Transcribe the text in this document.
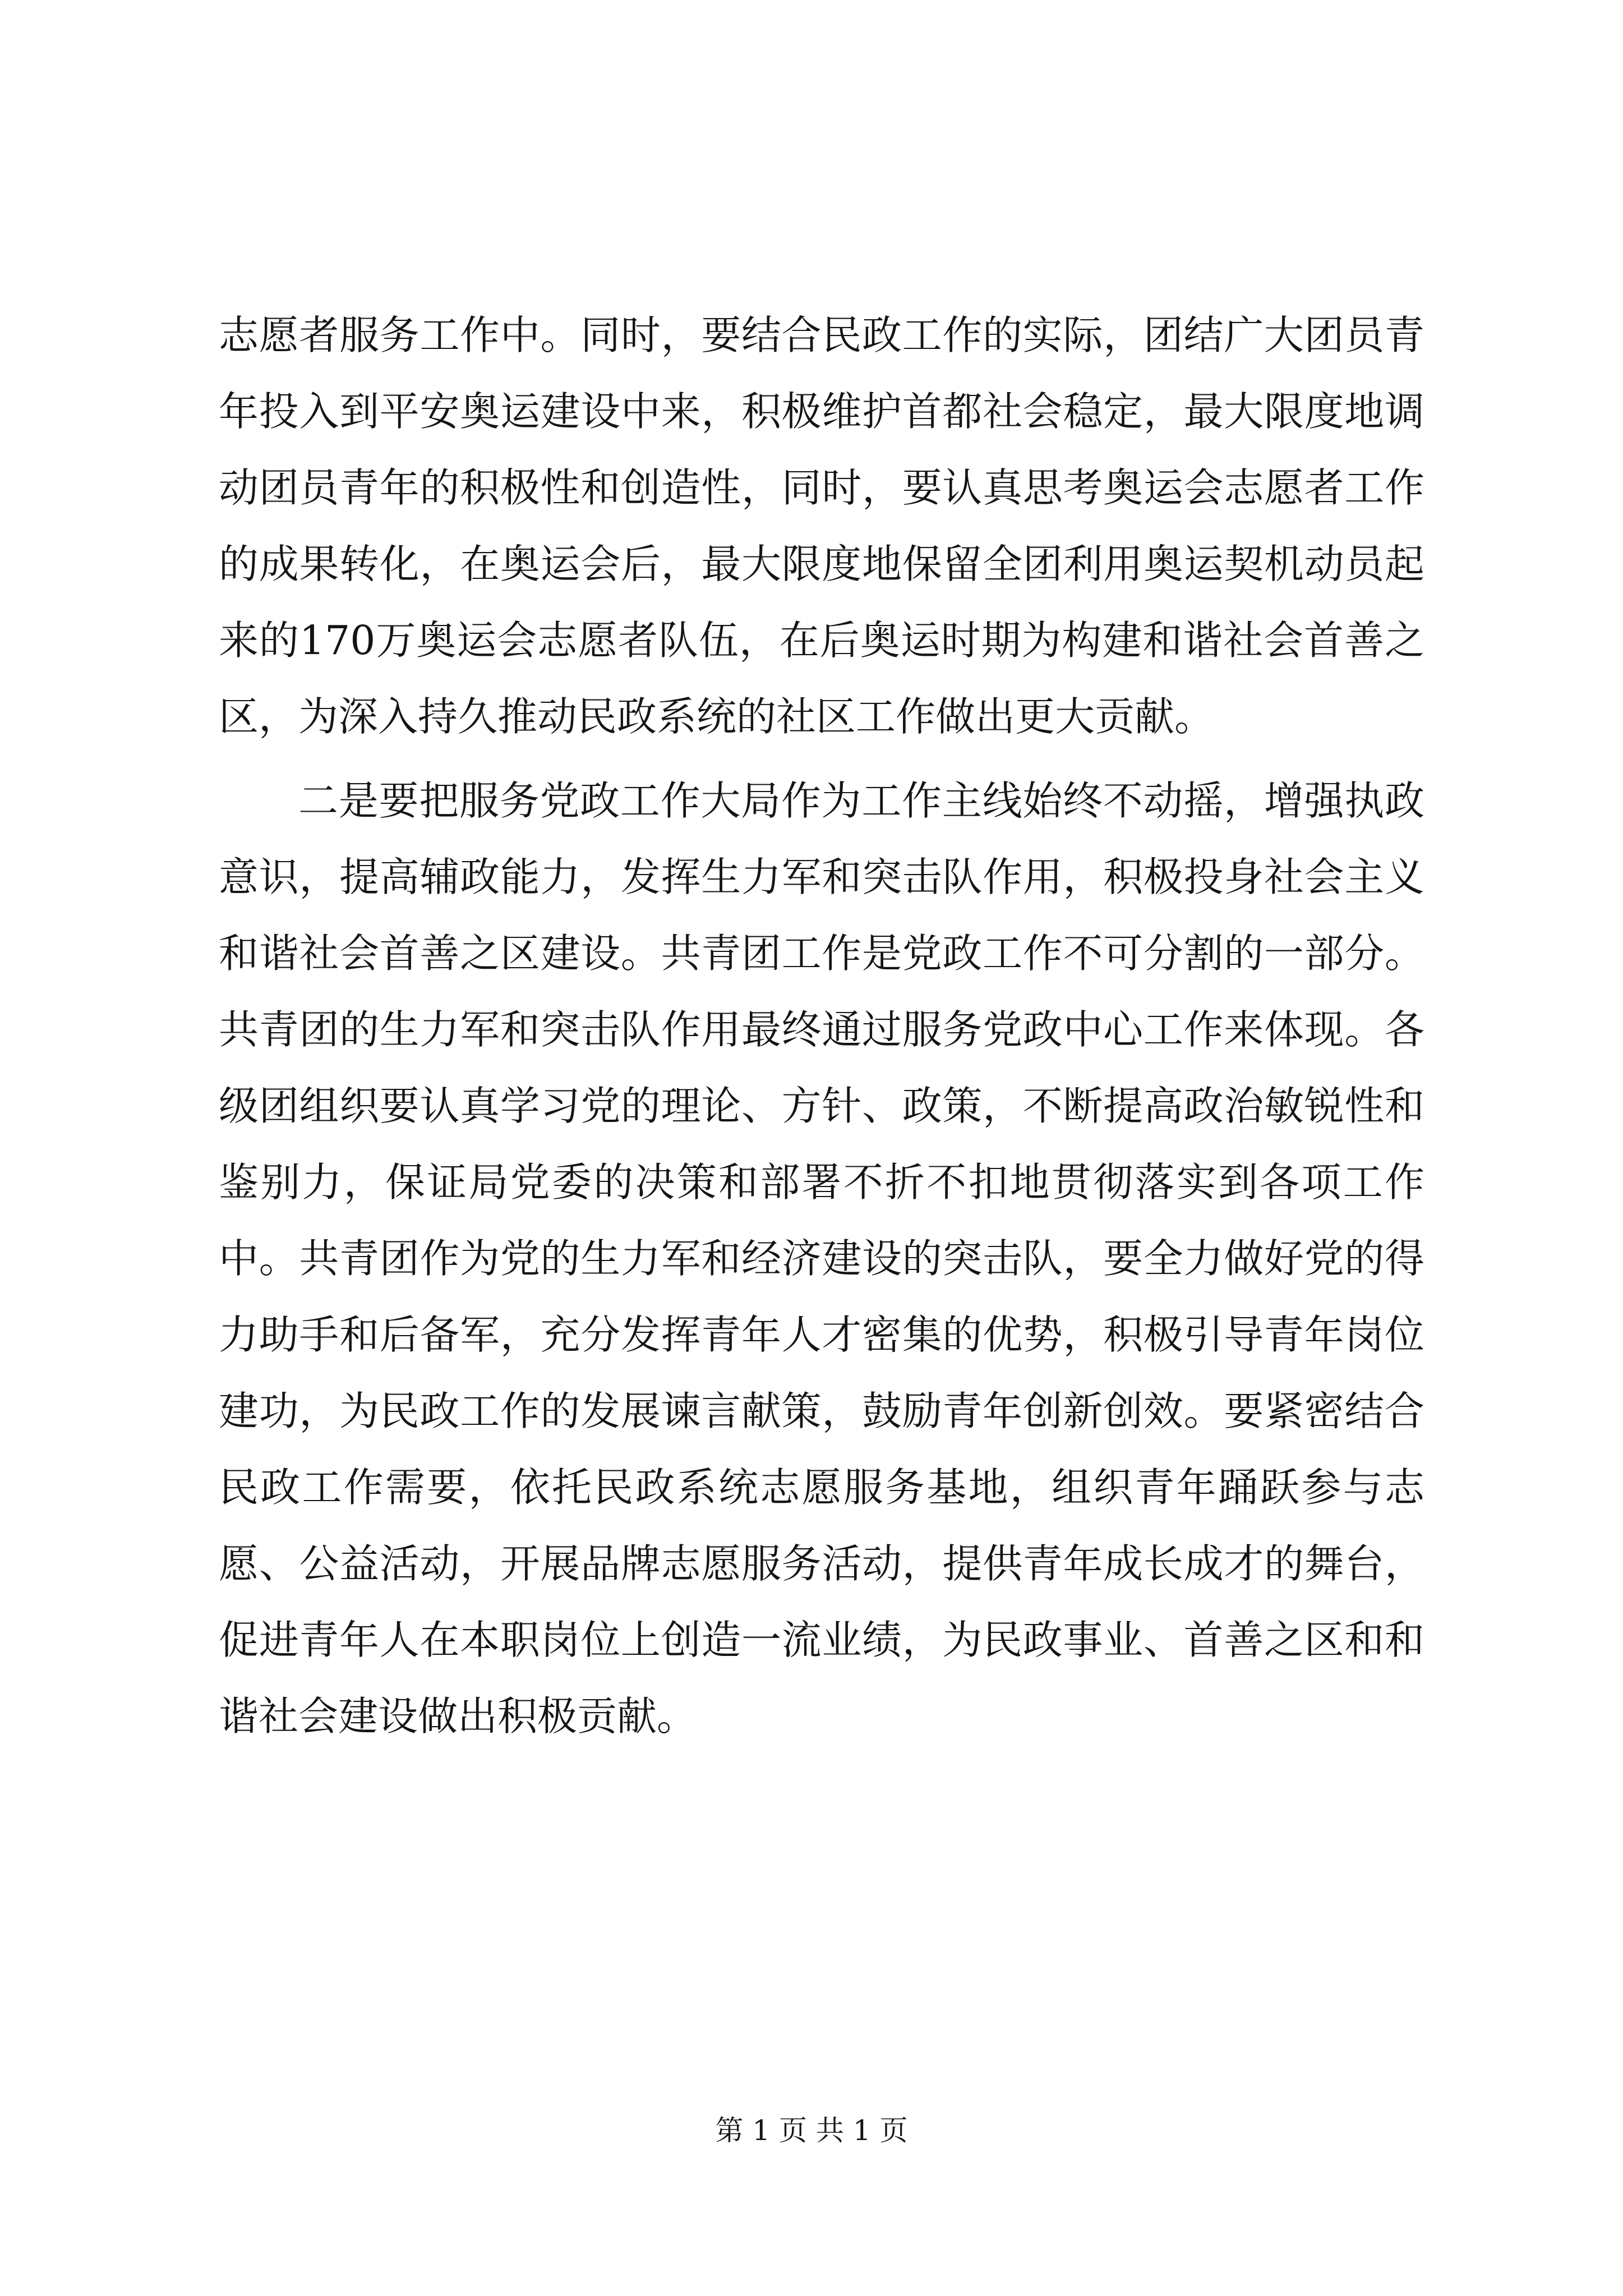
志愿者服务工作中。同时，要结合民政工作的实际，团结广大团员青年投入到平安奥运建设中来，积极维护首都社会稳定，最大限度地调动团员青年的积极性和创造性，同时，要认真思考奥运会志愿者工作的成果转化，在奥运会后，最大限度地保留全团利用奥运契机动员起来的170万奥运会志愿者队伍，在后奥运时期为构建和谐社会首善之区，为深入持久推动民政系统的社区工作做出更大贡献。

二是要把服务党政工作大局作为工作主线始终不动摇，增强执政意识，提高辅政能力，发挥生力军和突击队作用，积极投身社会主义和谐社会首善之区建设。共青团工作是党政工作不可分割的一部分。共青团的生力军和突击队作用最终通过服务党政中心工作来体现。各级团组织要认真学习党的理论、方针、政策，不断提高政治敏锐性和鉴别力，保证局党委的决策和部署不折不扣地贯彻落实到各项工作中。共青团作为党的生力军和经济建设的突击队，要全力做好党的得力助手和后备军，充分发挥青年人才密集的优势，积极引导青年岗位建功，为民政工作的发展谏言献策，鼓励青年创新创效。要紧密结合民政工作需要，依托民政系统志愿服务基地，组织青年踊跃参与志愿、公益活动，开展品牌志愿服务活动，提供青年成长成才的舞台，促进青年人在本职岗位上创造一流业绩，为民政事业、首善之区和和谐社会建设做出积极贡献。

第 1 页 共 1 页
